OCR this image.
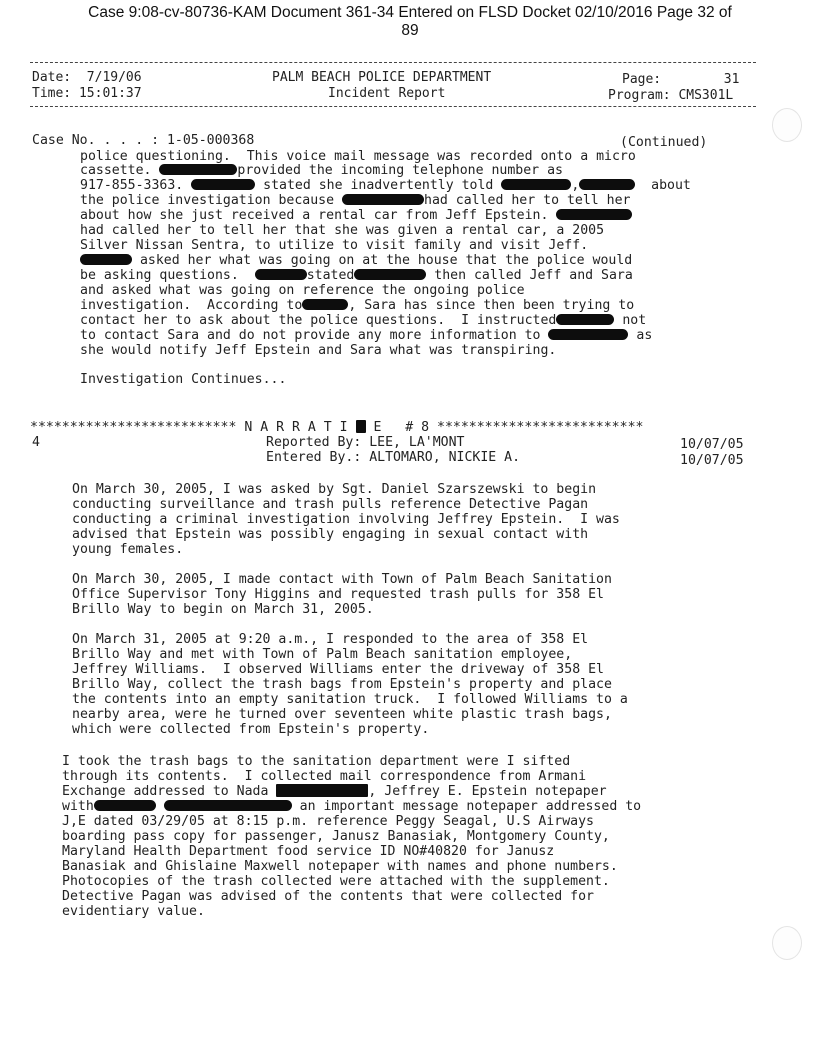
Case 9:08-cv-80736-KAM Document 361-34 Entered on FLSD Docket 02/10/2016 Page 32 of
89
Date:  7/19/06
Time: 15:01:37
PALM BEACH POLICE DEPARTMENT
Incident Report
Page:        31
Program: CMS301L
Case No. . . . : 1-05-000368	(Continued)
police questioning.  This voice mail message was recorded onto a micro
cassette.	provided the incoming telephone number as
917-855-3363.	stated she inadvertently told	,	about
the police investigation because	had called her to tell her
about how she just received a rental car from Jeff Epstein.
had called her to tell her that she was given a rental car, a 2005
Silver Nissan Sentra, to utilize to visit family and visit Jeff.
asked her what was going on at the house that the police would
be asking questions.	stated	then called Jeff and Sara
and asked what was going on reference the ongoing police
investigation.  According to	, Sara has since then been trying to
contact her to ask about the police questions.  I instructed	not
to contact Sara and do not provide any more information to	as
she would notify Jeff Epstein and Sara what was transpiring.
Investigation Continues...
************************** N A R R A T I E   # 8 **************************
4	Reported By: LEE, LA'MONT	10/07/05
Entered By.: ALTOMARO, NICKIE A.	10/07/05
On March 30, 2005, I was asked by Sgt. Daniel Szarszewski to begin
conducting surveillance and trash pulls reference Detective Pagan
conducting a criminal investigation involving Jeffrey Epstein.  I was
advised that Epstein was possibly engaging in sexual contact with
young females.
On March 30, 2005, I made contact with Town of Palm Beach Sanitation
Office Supervisor Tony Higgins and requested trash pulls for 358 El
Brillo Way to begin on March 31, 2005.
On March 31, 2005 at 9:20 a.m., I responded to the area of 358 El
Brillo Way and met with Town of Palm Beach sanitation employee,
Jeffrey Williams.  I observed Williams enter the driveway of 358 El
Brillo Way, collect the trash bags from Epstein's property and place
the contents into an empty sanitation truck.  I followed Williams to a
nearby area, were he turned over seventeen white plastic trash bags,
which were collected from Epstein's property.
I took the trash bags to the sanitation department were I sifted
through its contents.  I collected mail correspondence from Armani
Exchange addressed to Nada	, Jeffrey E. Epstein notepaper
with	an important message notepaper addressed to
J,E dated 03/29/05 at 8:15 p.m. reference Peggy Seagal, U.S Airways
boarding pass copy for passenger, Janusz Banasiak, Montgomery County,
Maryland Health Department food service ID NO#40820 for Janusz
Banasiak and Ghislaine Maxwell notepaper with names and phone numbers.
Photocopies of the trash collected were attached with the supplement.
Detective Pagan was advised of the contents that were collected for
evidentiary value.
